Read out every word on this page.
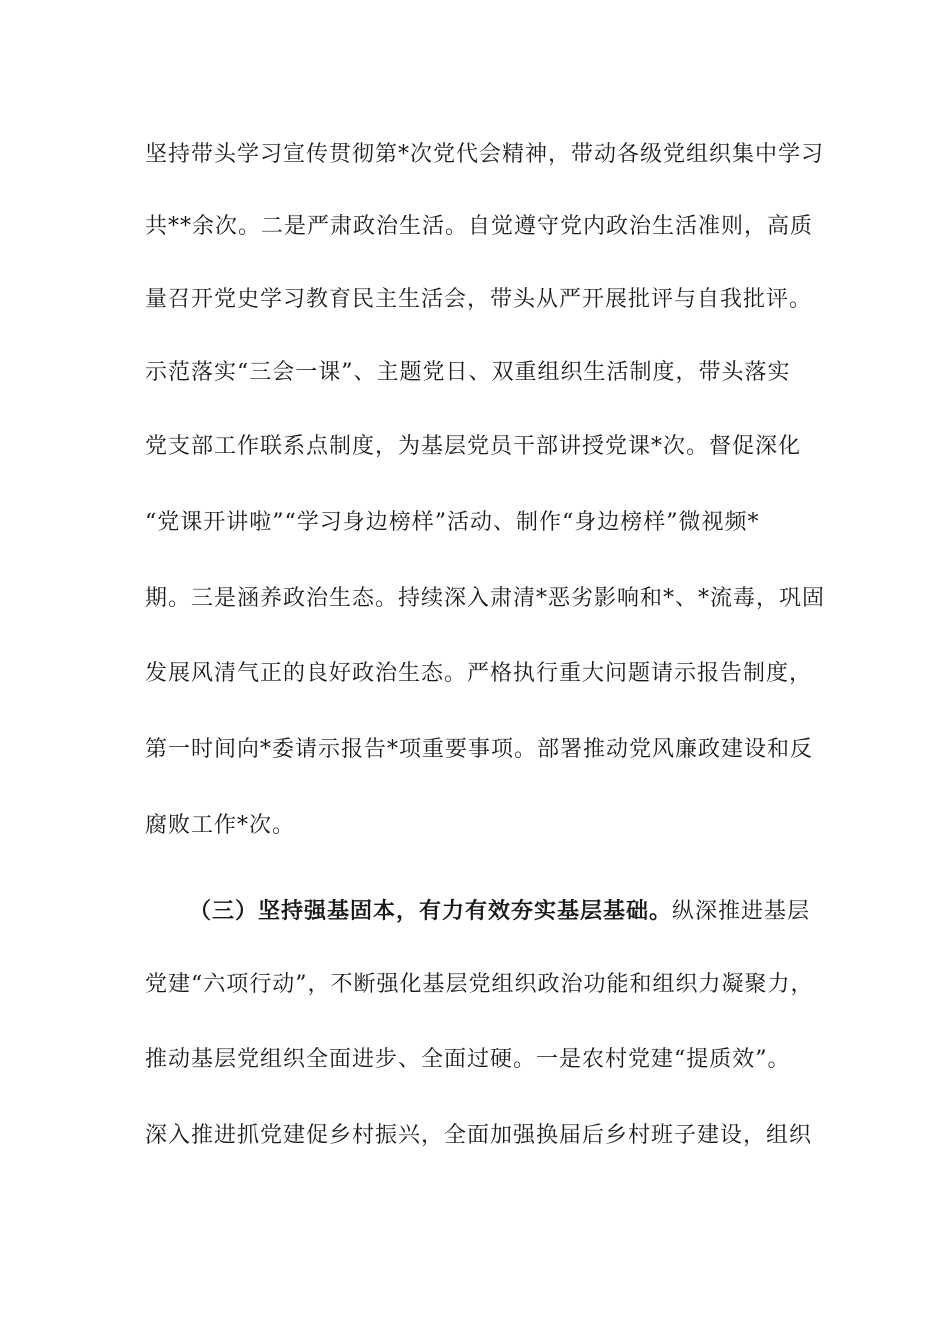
坚持带头学习宣传贯彻第*次党代会精神，带动各级党组织集中学习
共**余次。二是严肃政治生活。自觉遵守党内政治生活准则，高质
量召开党史学习教育民主生活会，带头从严开展批评与自我批评。
示范落实“三会一课”、主题党日、双重组织生活制度，带头落实
党支部工作联系点制度，为基层党员干部讲授党课*次。督促深化
“党课开讲啦”“学习身边榜样”活动、制作“身边榜样”微视频*
期。三是涵养政治生态。持续深入肃清*恶劣影响和*、*流毒，巩固
发展风清气正的良好政治生态。严格执行重大问题请示报告制度，
第一时间向*委请示报告*项重要事项。部署推动党风廉政建设和反
腐败工作*次。
（三）坚持强基固本，有力有效夯实基层基础。纵深推进基层
党建“六项行动”，不断强化基层党组织政治功能和组织力凝聚力，
推动基层党组织全面进步、全面过硬。一是农村党建“提质效”。
深入推进抓党建促乡村振兴，全面加强换届后乡村班子建设，组织
